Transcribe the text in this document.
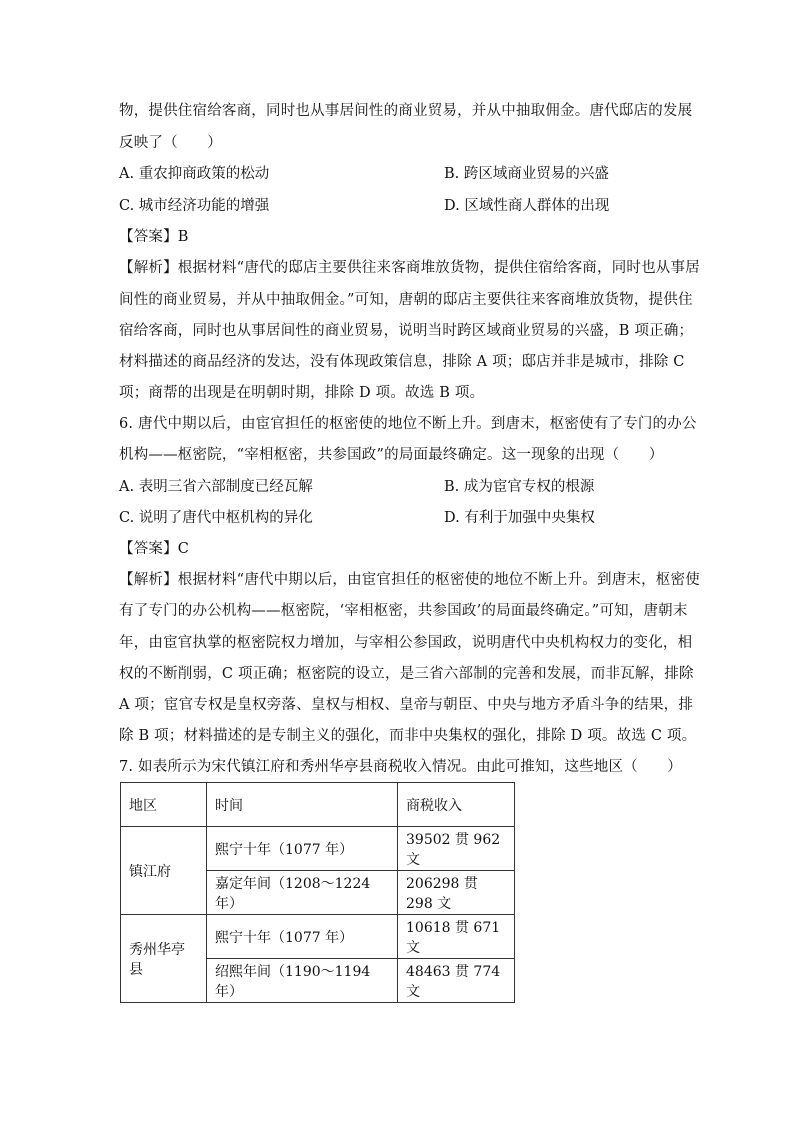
物，提供住宿给客商，同时也从事居间性的商业贸易，并从中抽取佣金。唐代邸店的发展
反映了（　　）
A. 重农抑商政策的松动	B. 跨区域商业贸易的兴盛
C. 城市经济功能的增强	D. 区域性商人群体的出现
【答案】B
【解析】根据材料“唐代的邸店主要供往来客商堆放货物，提供住宿给客商，同时也从事居
间性的商业贸易，并从中抽取佣金。”可知，唐朝的邸店主要供往来客商堆放货物，提供住
宿给客商，同时也从事居间性的商业贸易，说明当时跨区域商业贸易的兴盛，B 项正确；
材料描述的商品经济的发达，没有体现政策信息，排除 A 项；邸店并非是城市，排除 C
项；商帮的出现是在明朝时期，排除 D 项。故选 B 项。
6. 唐代中期以后，由宦官担任的枢密使的地位不断上升。到唐末，枢密使有了专门的办公
机构——枢密院，“宰相枢密，共参国政”的局面最终确定。这一现象的出现（　　）
A. 表明三省六部制度已经瓦解	B. 成为宦官专权的根源
C. 说明了唐代中枢机构的异化	D. 有利于加强中央集权
【答案】C
【解析】根据材料“唐代中期以后，由宦官担任的枢密使的地位不断上升。到唐末，枢密使
有了专门的办公机构——枢密院，‘宰相枢密，共参国政’的局面最终确定。”可知，唐朝末
年，由宦官执掌的枢密院权力增加，与宰相公参国政，说明唐代中央机构权力的变化，相
权的不断削弱，C 项正确；枢密院的设立，是三省六部制的完善和发展，而非瓦解，排除
A 项；宦官专权是皇权旁落、皇权与相权、皇帝与朝臣、中央与地方矛盾斗争的结果，排
除 B 项；材料描述的是专制主义的强化，而非中央集权的强化，排除 D 项。故选 C 项。
7. 如表所示为宋代镇江府和秀州华亭县商税收入情况。由此可推知，这些地区（　　）
地区	时间	商税收入
镇江府	熙宁十年（1077 年）	39502 贯 962 文
	嘉定年间（1208～1224 年）	206298 贯 298 文
秀州华亭县	熙宁十年（1077 年）	10618 贯 671 文
	绍熙年间（1190～1194 年）	48463 贯 774 文
